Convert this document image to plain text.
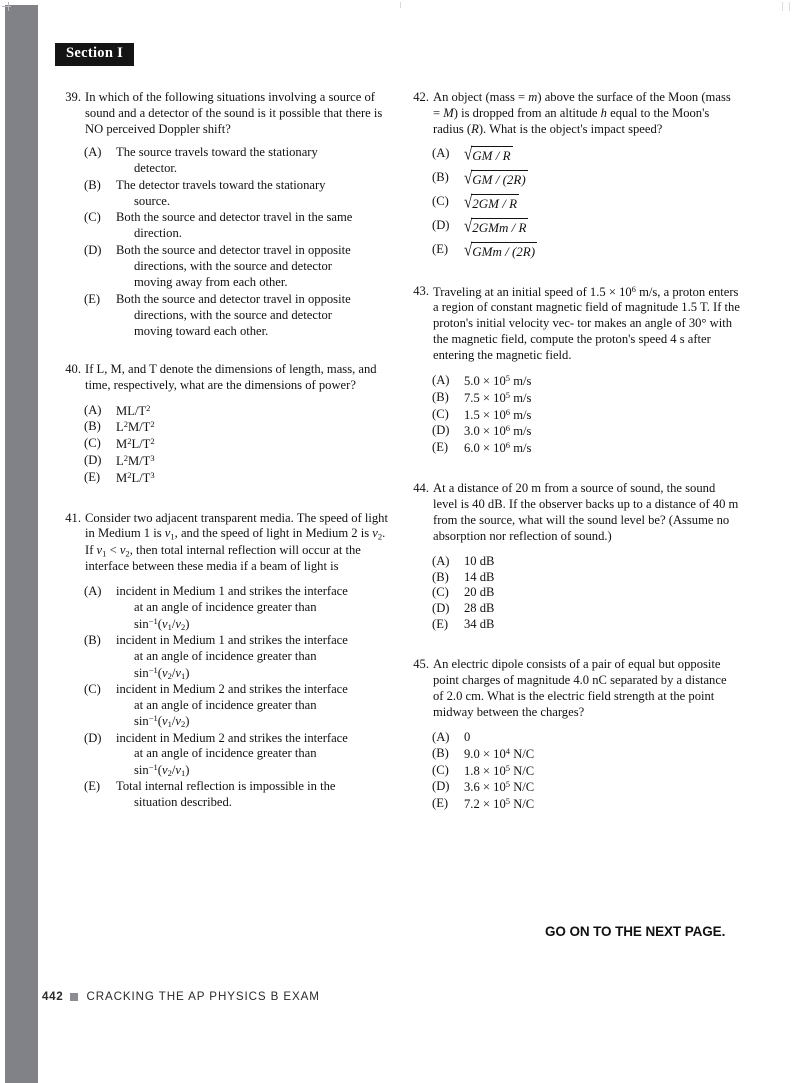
Section I
39. In which of the following situations involving a source of sound and a detector of the sound is it possible that there is NO perceived Doppler shift?
(A)	The source travels toward the stationary
detector.
(B)	The detector travels toward the stationary
source.
(C)	Both the source and detector travel in the same
direction.
(D)	Both the source and detector travel in opposite
directions, with the source and detector
moving away from each other.
(E)	Both the source and detector travel in opposite
directions, with the source and detector
moving toward each other.
40. If L, M, and T denote the dimensions of length, mass, and time, respectively, what are the dimensions of power?
(A)	$ML/T^2$
(B)	$L^2M/T^2$
(C)	$M^2L/T^2$
(D)	$L^2M/T^3$
(E)	$M^2L/T^3$
41. Consider two adjacent transparent media. The speed of light in Medium 1 is $v_1$, and the speed of light in Medium 2 is $v_2$. If $v_1 < v_2$, then total internal reflection will occur at the interface between these media if a beam of light is
(A)	incident in Medium 1 and strikes the interface
at an angle of incidence greater than
$\sin^{-1}(v_1/v_2)$
(B)	incident in Medium 1 and strikes the interface
at an angle of incidence greater than
$\sin^{-1}(v_2/v_1)$
(C)	incident in Medium 2 and strikes the interface
at an angle of incidence greater than
$\sin^{-1}(v_1/v_2)$
(D)	incident in Medium 2 and strikes the interface
at an angle of incidence greater than
$\sin^{-1}(v_2/v_1)$
(E)	Total internal reflection is impossible in the
situation described.
42. An object (mass = m) above the surface of the Moon (mass = M) is dropped from an altitude h equal to the Moon's radius (R). What is the object's impact speed?
(A) √GM / R
(B)	√GM / (2R)
(C)	√2GM / R
(D) √2GMm / R
(E)	√GMm / (2R)
43. Traveling at an initial speed of $1.5 \times 10^6$ m/s, a proton enters a region of constant magnetic field of magnitude 1.5 T. If the proton's initial velocity vec- tor makes an angle of 30° with the magnetic field, compute the proton's speed 4 s after entering the magnetic field.
(A)	$5.0 \times 10^5$ m/s
(B)	$7.5 \times 10^5$ m/s
(C)	$1.5 \times 10^6$ m/s
(D)	$3.0 \times 10^6$ m/s
(E)	$6.0 \times 10^6$ m/s
44. At a distance of 20 m from a source of sound, the sound level is 40 dB. If the observer backs up to a distance of 40 m from the source, what will the sound level be? (Assume no absorption nor reflection of sound.)
(A)	10 dB
(B)	14 dB
(C)	20 dB
(D)	28 dB
(E)	34 dB
45. An electric dipole consists of a pair of equal but opposite point charges of magnitude 4.0 nC separated by a distance of 2.0 cm. What is the electric field strength at the point midway between the charges?
(A)	0
(B)	$9.0 \times 10^4$ N/C
(C)	$1.8 \times 10^5$ N/C
(D)	$3.6 \times 10^5$ N/C
(E)	$7.2 \times 10^5$ N/C
GO ON TO THE NEXT PAGE.
442 CRACKING THE AP PHYSICS B EXAM
